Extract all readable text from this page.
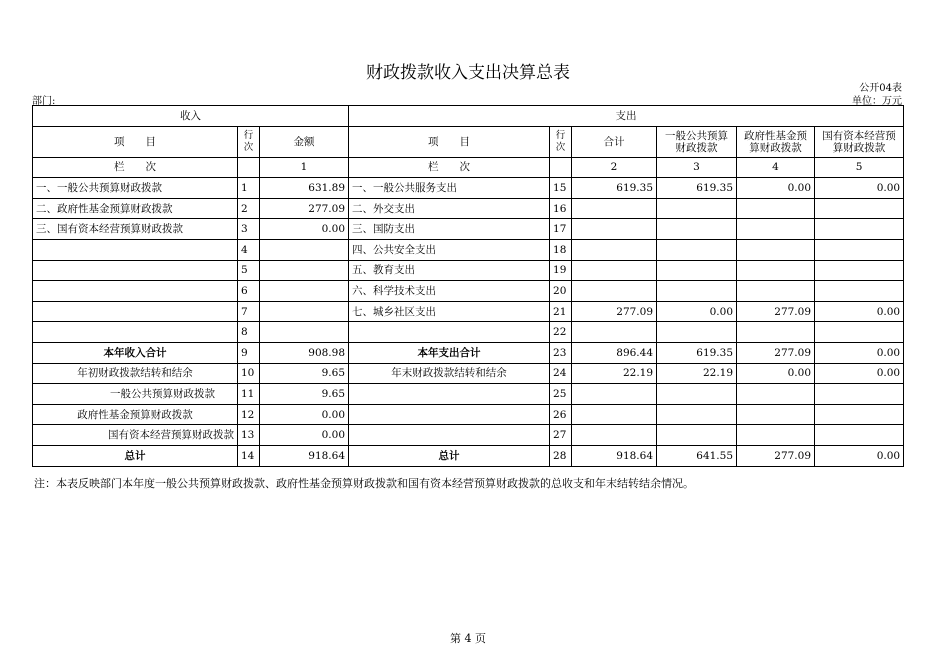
财政拨款收入支出决算总表
公开04表
部门:	单位：万元
收入			支出					
项　　目	行次	金额	项　　目	行次	合计	一般公共预算财政拨款	政府性基金预算财政拨款	国有资本经营预算财政拨款
栏　　次		1	栏　　次		2	3	4	5
一、一般公共预算财政拨款	1	631.89	一、一般公共服务支出	15	619.35	619.35	0.00	0.00
二、政府性基金预算财政拨款	2	277.09	二、外交支出	16				
三、国有资本经营预算财政拨款	3	0.00	三、国防支出	17				
	4		四、公共安全支出	18				
	5		五、教育支出	19				
	6		六、科学技术支出	20				
	7		七、城乡社区支出	21	277.09	0.00	277.09	0.00
	8			22				
本年收入合计	9	908.98	本年支出合计	23	896.44	619.35	277.09	0.00
年初财政拨款结转和结余	10	9.65	年末财政拨款结转和结余	24	22.19	22.19	0.00	0.00
一般公共预算财政拨款	11	9.65		25				
政府性基金预算财政拨款	12	0.00		26				
国有资本经营预算财政拨款	13	0.00		27				
总计	14	918.64	总计	28	918.64	641.55	277.09	0.00
注：本表反映部门本年度一般公共预算财政拨款、政府性基金预算财政拨款和国有资本经营预算财政拨款的总收支和年末结转结余情况。
第 4 页
